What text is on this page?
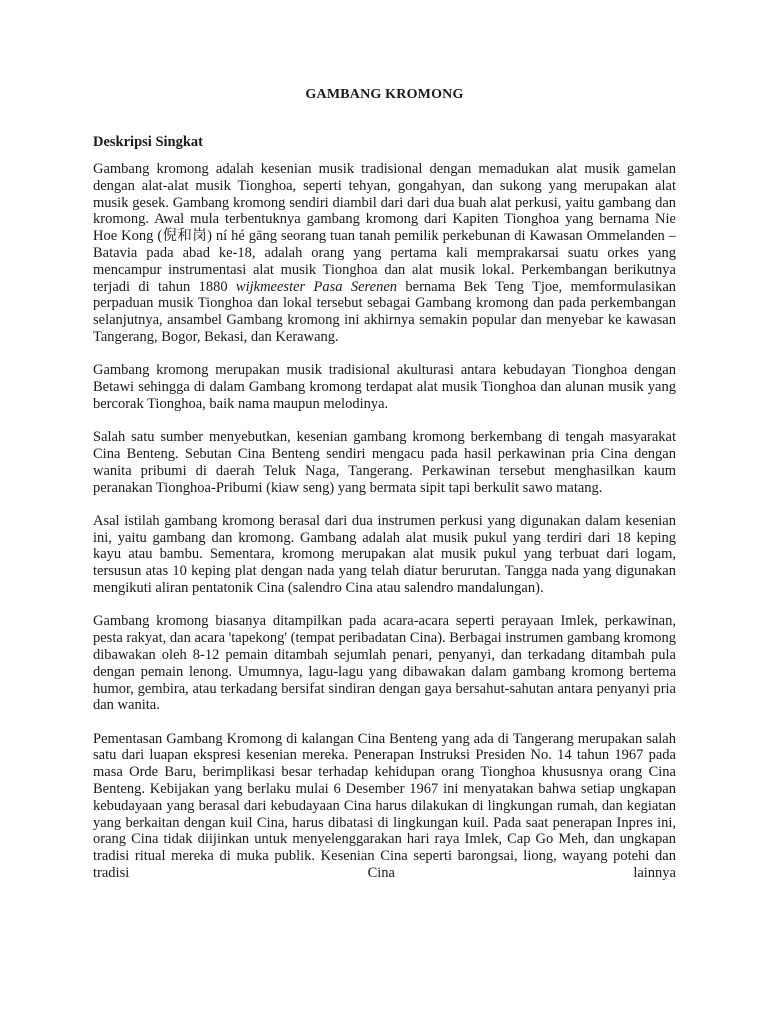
GAMBANG KROMONG
Deskripsi Singkat

Gambang kromong adalah kesenian musik tradisional dengan memadukan alat musik gamelan dengan alat-alat musik Tionghoa, seperti tehyan, gongahyan, dan sukong yang merupakan alat musik gesek. Gambang kromong sendiri diambil dari dari dua buah alat perkusi, yaitu gambang dan kromong. Awal mula terbentuknya gambang kromong dari Kapiten Tionghoa yang bernama Nie Hoe Kong (倪和岗) ní hé gāng seorang tuan tanah pemilik perkebunan di Kawasan Ommelanden – Batavia pada abad ke-18, adalah orang yang pertama kali memprakarsai suatu orkes yang mencampur instrumentasi alat musik Tionghoa dan alat musik lokal. Perkembangan berikutnya terjadi di tahun 1880 wijkmeester Pasa Serenen bernama Bek Teng Tjoe, memformulasikan perpaduan musik Tionghoa dan lokal tersebut sebagai Gambang kromong dan pada perkembangan selanjutnya, ansambel Gambang kromong ini akhirnya semakin popular dan menyebar ke kawasan Tangerang, Bogor, Bekasi, dan Kerawang.

Gambang kromong merupakan musik tradisional akulturasi antara kebudayan Tionghoa dengan Betawi sehingga di dalam Gambang kromong terdapat alat musik Tionghoa dan alunan musik yang bercorak Tionghoa, baik nama maupun melodinya.

Salah satu sumber menyebutkan, kesenian gambang kromong berkembang di tengah masyarakat Cina Benteng. Sebutan Cina Benteng sendiri mengacu pada hasil perkawinan pria Cina dengan wanita pribumi di daerah Teluk Naga, Tangerang. Perkawinan tersebut menghasilkan kaum peranakan Tionghoa-Pribumi (kiaw seng) yang bermata sipit tapi berkulit sawo matang.

Asal istilah gambang kromong berasal dari dua instrumen perkusi yang digunakan dalam kesenian ini, yaitu gambang dan kromong. Gambang adalah alat musik pukul yang terdiri dari 18 keping kayu atau bambu. Sementara, kromong merupakan alat musik pukul yang terbuat dari logam, tersusun atas 10 keping plat dengan nada yang telah diatur berurutan. Tangga nada yang digunakan mengikuti aliran pentatonik Cina (salendro Cina atau salendro mandalungan).

Gambang kromong biasanya ditampilkan pada acara-acara seperti perayaan Imlek, perkawinan, pesta rakyat, dan acara 'tapekong' (tempat peribadatan Cina). Berbagai instrumen gambang kromong dibawakan oleh 8-12 pemain ditambah sejumlah penari, penyanyi, dan terkadang ditambah pula dengan pemain lenong. Umumnya, lagu-lagu yang dibawakan dalam gambang kromong bertema humor, gembira, atau terkadang bersifat sindiran dengan gaya bersahut-sahutan antara penyanyi pria dan wanita.

Pementasan Gambang Kromong di kalangan Cina Benteng yang ada di Tangerang merupakan salah satu dari luapan ekspresi kesenian mereka. Penerapan Instruksi Presiden No. 14 tahun 1967 pada masa Orde Baru, berimplikasi besar terhadap kehidupan orang Tionghoa khususnya orang Cina Benteng. Kebijakan yang berlaku mulai 6 Desember 1967 ini menyatakan bahwa setiap ungkapan kebudayaan yang berasal dari kebudayaan Cina harus dilakukan di lingkungan rumah, dan kegiatan yang berkaitan dengan kuil Cina, harus dibatasi di lingkungan kuil. Pada saat penerapan Inpres ini, orang Cina tidak diijinkan untuk menyelenggarakan hari raya Imlek, Cap Go Meh, dan ungkapan tradisi ritual mereka di muka publik. Kesenian Cina seperti barongsai, liong, wayang potehi dan tradisi Cina lainnya
